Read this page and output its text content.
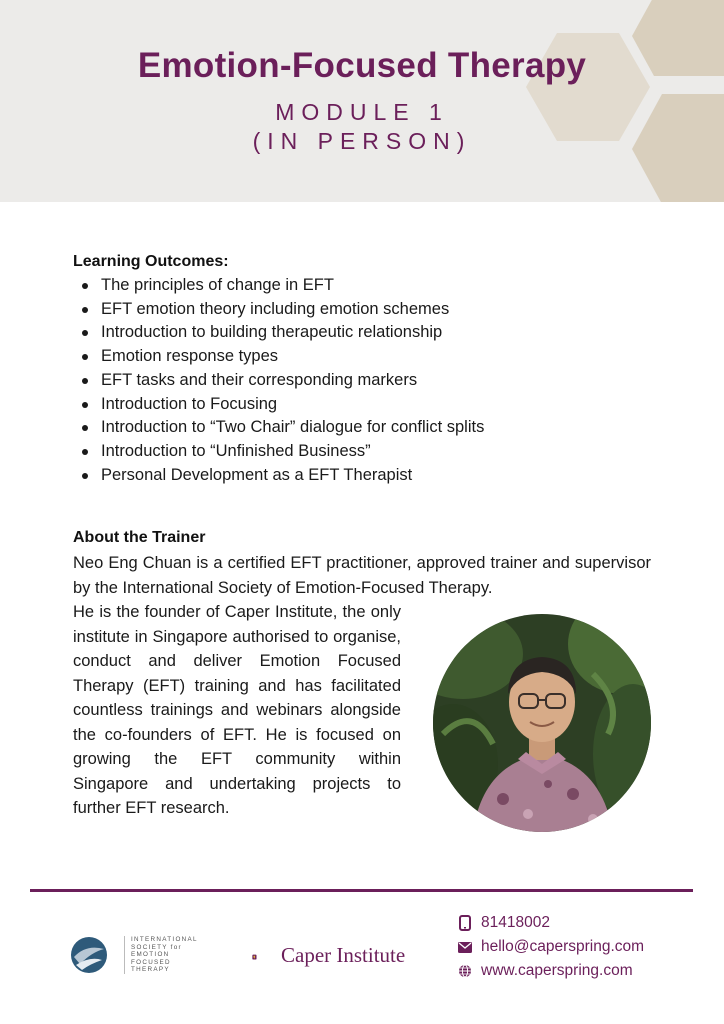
Emotion-Focused Therapy
MODULE 1
(IN PERSON)
Learning Outcomes:
The principles of change in EFT
EFT emotion theory including emotion schemes
Introduction to building therapeutic relationship
Emotion response types
EFT tasks and their corresponding markers
Introduction to Focusing
Introduction to “Two Chair” dialogue for conflict splits
Introduction to “Unfinished Business”
Personal Development as a EFT Therapist
About the Trainer

Neo Eng Chuan is a certified EFT practitioner, approved trainer and supervisor by the International Society of Emotion-Focused Therapy.

He is the founder of Caper Institute, the only institute in Singapore authorised to organise, conduct and deliver Emotion Focused Therapy (EFT) training and has facilitated countless trainings and webinars alongside the co-founders of EFT. He is focused on growing the EFT community within Singapore and undertaking projects to further EFT research.

INTERNATIONAL
SOCIETY for
EMOTION
FOCUSED
THERAPY
Caper Institute
81418002
hello@caperspring.com
www.caperspring.com
